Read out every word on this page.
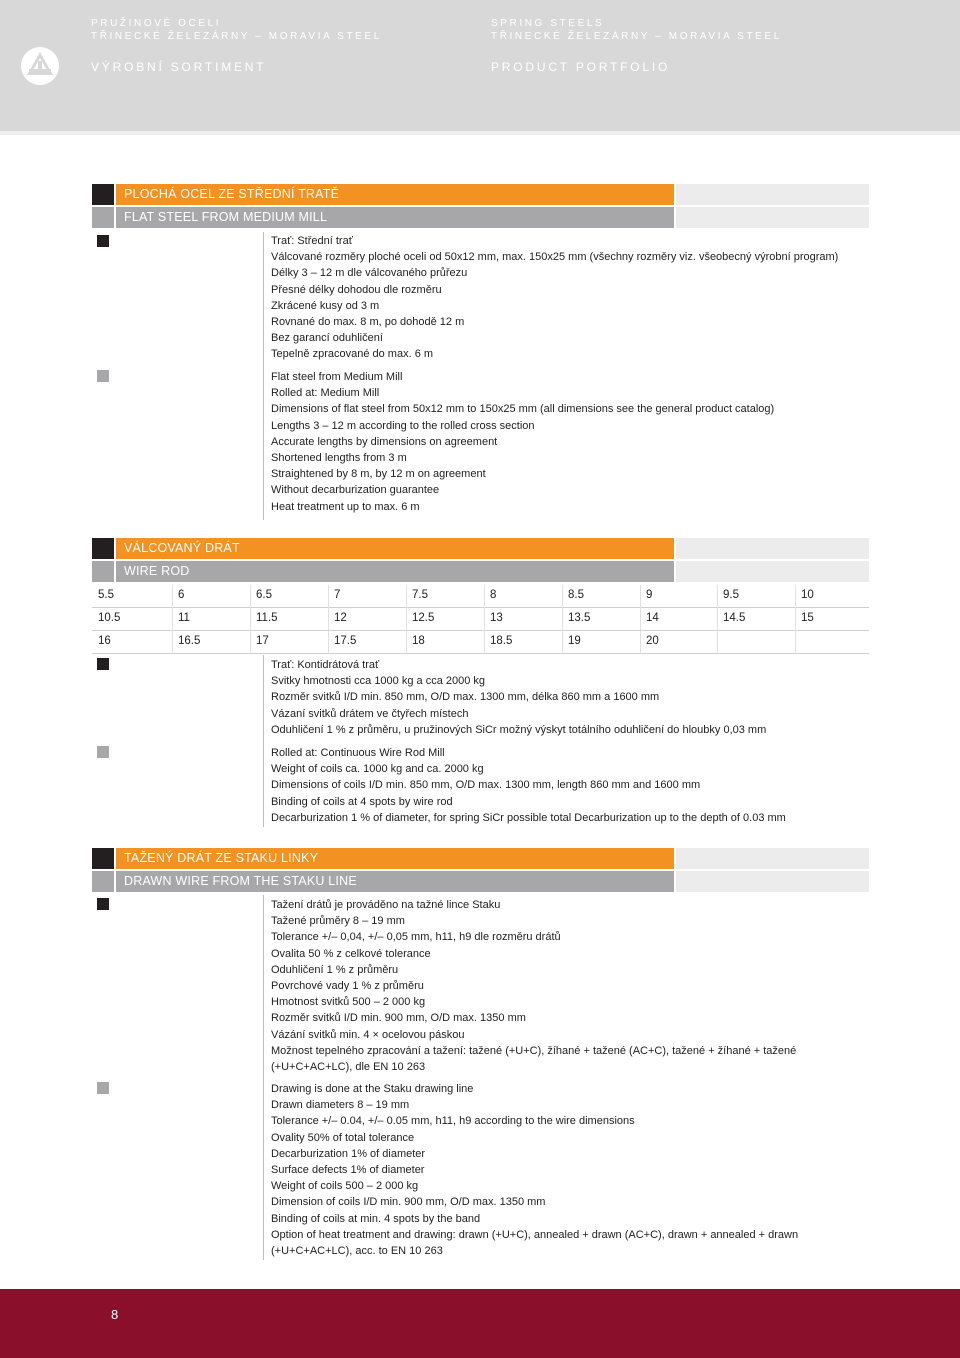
PRUŽINOVÉ OCELI
TŘINECKÉ ŽELEZÁRNY – MORAVIA STEEL
VÝROBNÍ SORTIMENT
SPRING STEELS
TŘINECKÉ ŽELEZÁRNY – MORAVIA STEEL
PRODUCT PORTFOLIO
PLOCHÁ OCEL ZE STŘEDNÍ TRATĚ
FLAT STEEL FROM MEDIUM MILL
Trať: Střední trať
Válcované rozměry ploché oceli od 50x12 mm, max. 150x25 mm (všechny rozměry viz. všeobecný výrobní program)
Délky 3 – 12 m dle válcovaného průřezu
Přesné délky dohodou dle rozměru
Zkrácené kusy od 3 m
Rovnané do max. 8 m, po dohodě 12 m
Bez garancí oduhličení
Tepelně zpracované do max. 6 m
Flat steel from Medium Mill
Rolled at: Medium Mill
Dimensions of flat steel from 50x12 mm to 150x25 mm (all dimensions see the general product catalog)
Lengths 3 – 12 m according to the rolled cross section
Accurate lengths by dimensions on agreement
Shortened lengths from 3 m
Straightened by 8 m, by 12 m on agreement
Without decarburization guarantee
Heat treatment up to max. 6 m
VÁLCOVANÝ DRÁT
WIRE ROD
5.5	6	6.5	7	7.5	8	8.5	9	9.5	10
10.5	11	11.5	12	12.5	13	13.5	14	14.5	15
16	16.5	17	17.5	18	18.5	19	20
Trať: Kontidrátová trať
Svitky hmotnosti cca 1000 kg a cca 2000 kg
Rozměr svitků I/D min. 850 mm, O/D max. 1300 mm, délka 860 mm a 1600 mm
Vázaní svitků drátem ve čtyřech místech
Oduhličení 1 % z průměru, u pružinových SiCr možný výskyt totálního oduhličení do hloubky 0,03 mm
Rolled at: Continuous Wire Rod Mill
Weight of coils ca. 1000 kg and ca. 2000 kg
Dimensions of coils I/D min. 850 mm, O/D max. 1300 mm, length 860 mm and 1600 mm
Binding of coils at 4 spots by wire rod
Decarburization 1 % of diameter, for spring SiCr possible total Decarburization up to the depth of 0.03 mm
TAŽENÝ DRÁT ZE STAKU LINKY
DRAWN WIRE FROM THE STAKU LINE
Tažení drátů je prováděno na tažné lince Staku
Tažené průměry 8 – 19 mm
Tolerance +/– 0,04, +/– 0,05 mm, h11, h9 dle rozměru drátů
Ovalita 50 % z celkové tolerance
Oduhličení 1 % z průměru
Povrchové vady 1 % z průměru
Hmotnost svitků 500 – 2 000 kg
Rozměr svitků I/D min. 900 mm, O/D max. 1350 mm
Vázání svitků min. 4 × ocelovou páskou
Možnost tepelného zpracování a tažení: tažené (+U+C), žíhané + tažené (AC+C), tažené + žíhané + tažené
(+U+C+AC+LC), dle EN 10 263
Drawing is done at the Staku drawing line
Drawn diameters 8 – 19 mm
Tolerance +/– 0.04, +/– 0.05 mm, h11, h9 according to the wire dimensions
Ovality 50% of total tolerance
Decarburization 1% of diameter
Surface defects 1% of diameter
Weight of coils 500 – 2 000 kg
Dimension of coils I/D min. 900 mm, O/D max. 1350 mm
Binding of coils at min. 4 spots by the band
Option of heat treatment and drawing: drawn (+U+C), annealed + drawn (AC+C), drawn + annealed + drawn
(+U+C+AC+LC), acc. to EN 10 263
8
